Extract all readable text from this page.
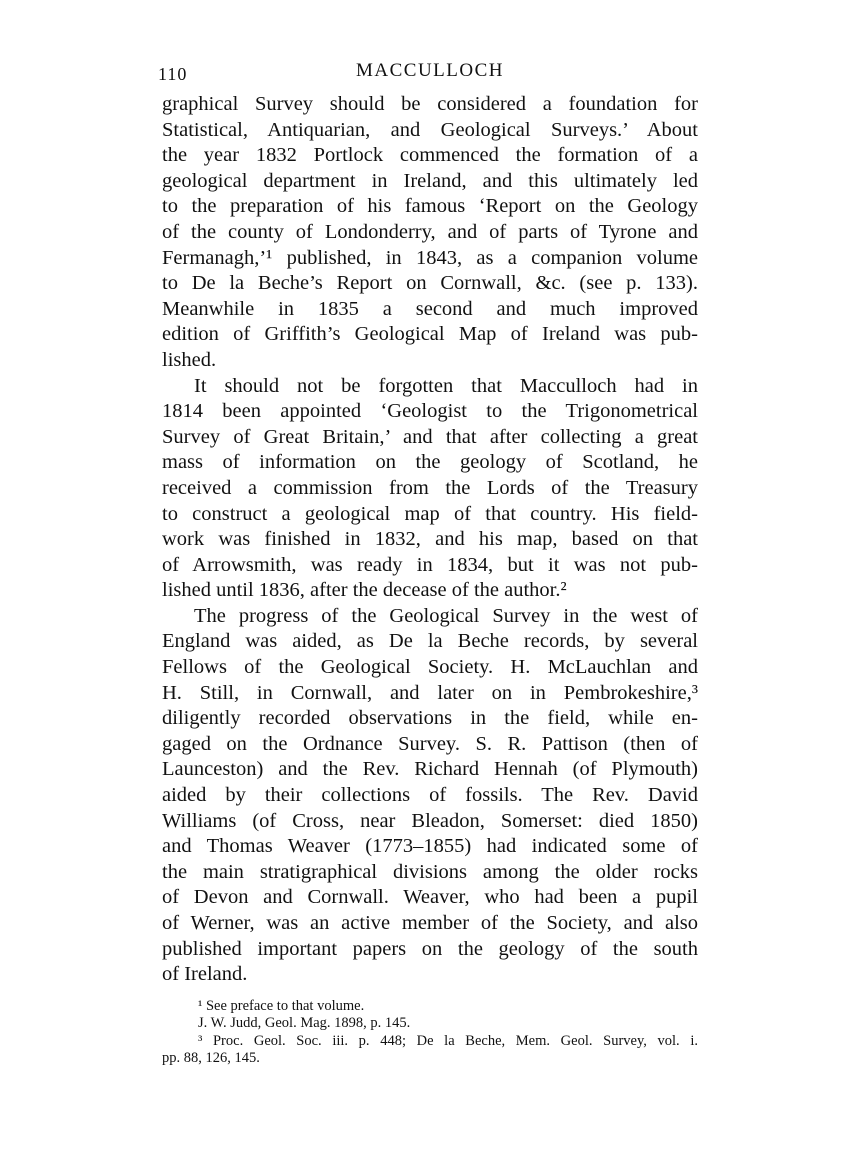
110	MACCULLOCH
graphical Survey should be considered a foundation for
Statistical, Antiquarian, and Geological Surveys.’ About
the year 1832 Portlock commenced the formation of a
geological department in Ireland, and this ultimately led
to the preparation of his famous ‘Report on the Geology
of the county of Londonderry, and of parts of Tyrone and
Fermanagh,’¹ published, in 1843, as a companion volume
to De la Beche’s Report on Cornwall, &c. (see p. 133).
Meanwhile in 1835 a second and much improved
edition of Griffith’s Geological Map of Ireland was pub-
lished.
It should not be forgotten that Macculloch had in
1814 been appointed ‘Geologist to the Trigonometrical
Survey of Great Britain,’ and that after collecting a great
mass of information on the geology of Scotland, he
received a commission from the Lords of the Treasury
to construct a geological map of that country. His field-
work was finished in 1832, and his map, based on that
of Arrowsmith, was ready in 1834, but it was not pub-
lished until 1836, after the decease of the author.²
The progress of the Geological Survey in the west of
England was aided, as De la Beche records, by several
Fellows of the Geological Society. H. McLauchlan and
H. Still, in Cornwall, and later on in Pembrokeshire,³
diligently recorded observations in the field, while en-
gaged on the Ordnance Survey. S. R. Pattison (then of
Launceston) and the Rev. Richard Hennah (of Plymouth)
aided by their collections of fossils. The Rev. David
Williams (of Cross, near Bleadon, Somerset: died 1850)
and Thomas Weaver (1773–1855) had indicated some of
the main stratigraphical divisions among the older rocks
of Devon and Cornwall. Weaver, who had been a pupil
of Werner, was an active member of the Society, and also
published important papers on the geology of the south
of Ireland.
¹ See preface to that volume.
J. W. Judd, Geol. Mag. 1898, p. 145.
³ Proc. Geol. Soc. iii. p. 448; De la Beche, Mem. Geol. Survey, vol. i.
pp. 88, 126, 145.
